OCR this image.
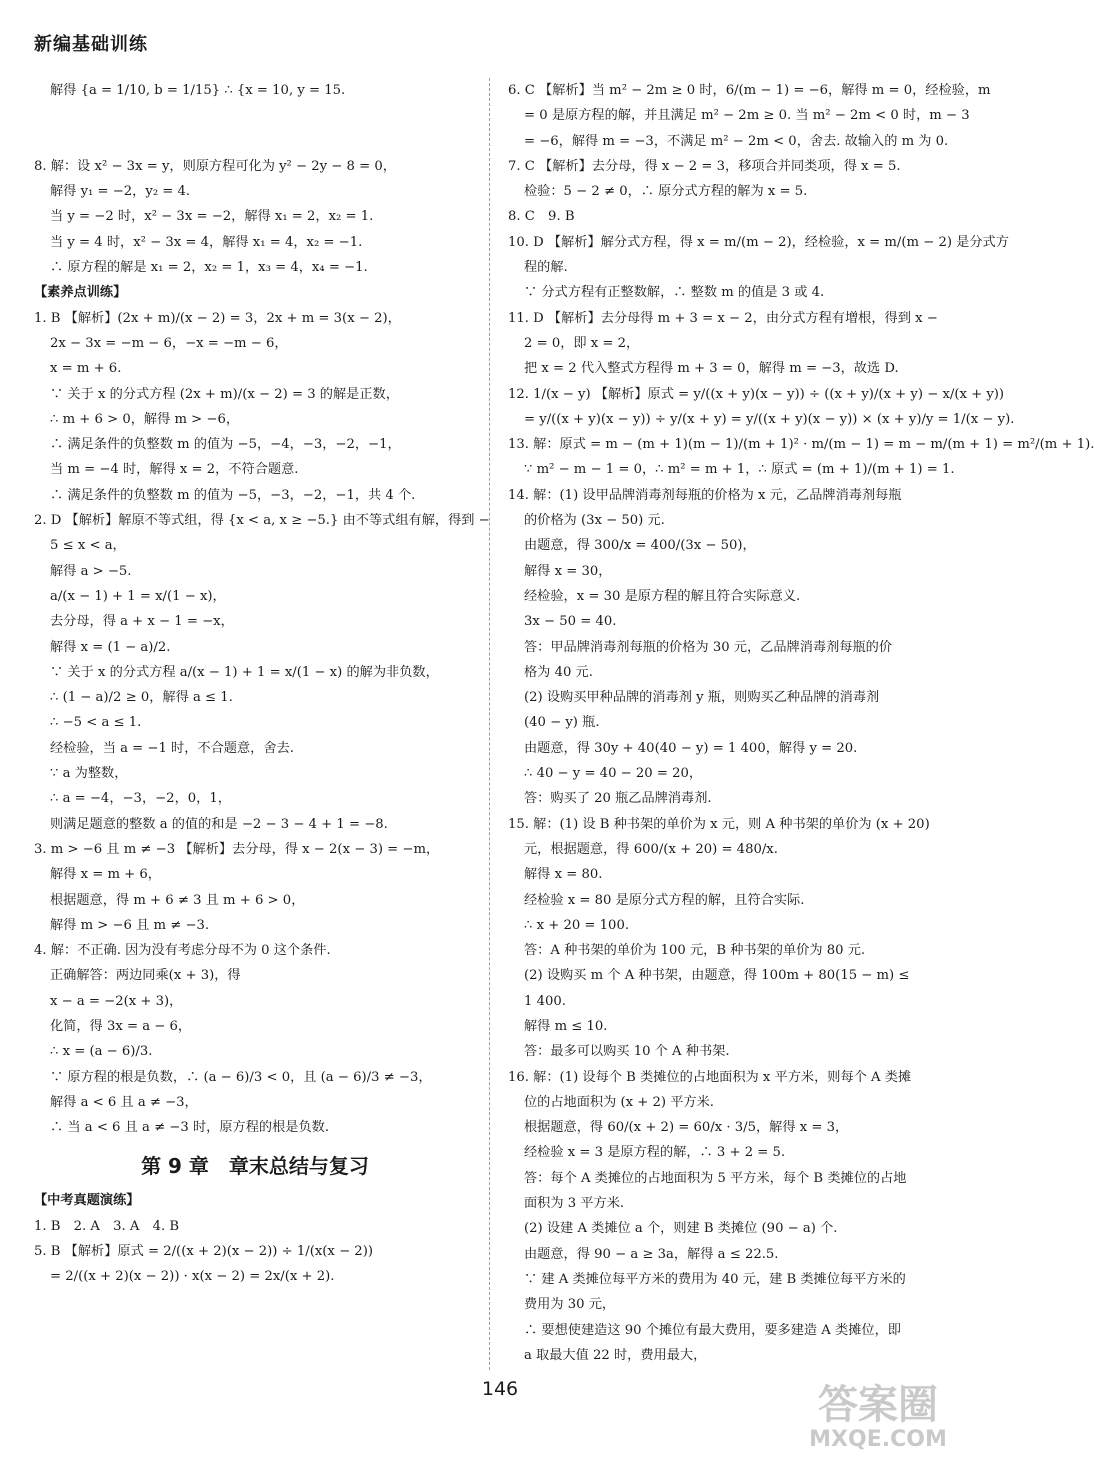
新编基础训练
解得 {a = 1/10, b = 1/15} ∴ {x = 10, y = 15.

8. 解：设 x² − 3x = y，则原方程可化为 y² − 2y − 8 = 0，
解得 y₁ = −2，y₂ = 4.
当 y = −2 时，x² − 3x = −2，解得 x₁ = 2，x₂ = 1.
当 y = 4 时，x² − 3x = 4，解得 x₁ = 4，x₂ = −1.
∴ 原方程的解是 x₁ = 2，x₂ = 1，x₃ = 4，x₄ = −1.
【素养点训练】
1. B 【解析】(2x + m)/(x − 2) = 3，2x + m = 3(x − 2)，
2x − 3x = −m − 6，−x = −m − 6，
x = m + 6.
∵ 关于 x 的分式方程 (2x + m)/(x − 2) = 3 的解是正数，
∴ m + 6 > 0，解得 m > −6，
∴ 满足条件的负整数 m 的值为 −5，−4，−3，−2，−1，
当 m = −4 时，解得 x = 2，不符合题意.
∴ 满足条件的负整数 m 的值为 −5，−3，−2，−1，共 4 个.
2. D 【解析】解原不等式组，得 {x < a, x ≥ −5.} 由不等式组有解，得到 −
5 ≤ x < a，
解得 a > −5.
a/(x − 1) + 1 = x/(1 − x)，
去分母，得 a + x − 1 = −x，
解得 x = (1 − a)/2.
∵ 关于 x 的分式方程 a/(x − 1) + 1 = x/(1 − x) 的解为非负数，
∴ (1 − a)/2 ≥ 0，解得 a ≤ 1.
∴ −5 < a ≤ 1.
经检验，当 a = −1 时，不合题意，舍去.
∵ a 为整数，
∴ a = −4，−3，−2，0，1，
则满足题意的整数 a 的值的和是 −2 − 3 − 4 + 1 = −8.
3. m > −6 且 m ≠ −3 【解析】去分母，得 x − 2(x − 3) = −m，
解得 x = m + 6，
根据题意，得 m + 6 ≠ 3 且 m + 6 > 0，
解得 m > −6 且 m ≠ −3.
4. 解：不正确. 因为没有考虑分母不为 0 这个条件.
正确解答：两边同乘(x + 3)，得
x − a = −2(x + 3)，
化简，得 3x = a − 6，
∴ x = (a − 6)/3.
∵ 原方程的根是负数，∴ (a − 6)/3 < 0，且 (a − 6)/3 ≠ −3，
解得 a < 6 且 a ≠ −3，
∴ 当 a < 6 且 a ≠ −3 时，原方程的根是负数.
第 9 章　章末总结与复习
【中考真题演练】
1. B　2. A　3. A　4. B
5. B 【解析】原式 = 2/((x + 2)(x − 2)) ÷ 1/(x(x − 2))
= 2/((x + 2)(x − 2)) · x(x − 2) = 2x/(x + 2).
6. C 【解析】当 m² − 2m ≥ 0 时，6/(m − 1) = −6，解得 m = 0，经检验，m
= 0 是原方程的解，并且满足 m² − 2m ≥ 0. 当 m² − 2m < 0 时，m − 3
= −6，解得 m = −3，不满足 m² − 2m < 0，舍去. 故输入的 m 为 0.
7. C 【解析】去分母，得 x − 2 = 3，移项合并同类项，得 x = 5.
检验：5 − 2 ≠ 0，∴ 原分式方程的解为 x = 5.
8. C　9. B
10. D 【解析】解分式方程，得 x = m/(m − 2)，经检验，x = m/(m − 2) 是分式方
程的解.
∵ 分式方程有正整数解，∴ 整数 m 的值是 3 或 4.
11. D 【解析】去分母得 m + 3 = x − 2，由分式方程有增根，得到 x −
2 = 0，即 x = 2，
把 x = 2 代入整式方程得 m + 3 = 0，解得 m = −3，故选 D.
12. 1/(x − y) 【解析】原式 = y/((x + y)(x − y)) ÷ ((x + y)/(x + y) − x/(x + y))
= y/((x + y)(x − y)) ÷ y/(x + y) = y/((x + y)(x − y)) × (x + y)/y = 1/(x − y).
13. 解：原式 = m − (m + 1)(m − 1)/(m + 1)² · m/(m − 1) = m − m/(m + 1) = m²/(m + 1).
∵ m² − m − 1 = 0，∴ m² = m + 1，∴ 原式 = (m + 1)/(m + 1) = 1.
14. 解：(1) 设甲品牌消毒剂每瓶的价格为 x 元，乙品牌消毒剂每瓶
的价格为 (3x − 50) 元.
由题意，得 300/x = 400/(3x − 50)，
解得 x = 30，
经检验，x = 30 是原方程的解且符合实际意义.
3x − 50 = 40.
答：甲品牌消毒剂每瓶的价格为 30 元，乙品牌消毒剂每瓶的价
格为 40 元.
(2) 设购买甲种品牌的消毒剂 y 瓶，则购买乙种品牌的消毒剂
(40 − y) 瓶.
由题意，得 30y + 40(40 − y) = 1 400，解得 y = 20.
∴ 40 − y = 40 − 20 = 20，
答：购买了 20 瓶乙品牌消毒剂.
15. 解：(1) 设 B 种书架的单价为 x 元，则 A 种书架的单价为 (x + 20)
元，根据题意，得 600/(x + 20) = 480/x.
解得 x = 80.
经检验 x = 80 是原分式方程的解，且符合实际.
∴ x + 20 = 100.
答：A 种书架的单价为 100 元，B 种书架的单价为 80 元.
(2) 设购买 m 个 A 种书架，由题意，得 100m + 80(15 − m) ≤
1 400.
解得 m ≤ 10.
答：最多可以购买 10 个 A 种书架.
16. 解：(1) 设每个 B 类摊位的占地面积为 x 平方米，则每个 A 类摊
位的占地面积为 (x + 2) 平方米.
根据题意，得 60/(x + 2) = 60/x · 3/5，解得 x = 3，
经检验 x = 3 是原方程的解，∴ 3 + 2 = 5.
答：每个 A 类摊位的占地面积为 5 平方米，每个 B 类摊位的占地
面积为 3 平方米.
(2) 设建 A 类摊位 a 个，则建 B 类摊位 (90 − a) 个.
由题意，得 90 − a ≥ 3a，解得 a ≤ 22.5.
∵ 建 A 类摊位每平方米的费用为 40 元，建 B 类摊位每平方米的
费用为 30 元，
∴ 要想使建造这 90 个摊位有最大费用，要多建造 A 类摊位，即
a 取最大值 22 时，费用最大，
146	答案圈
MXQE.COM
